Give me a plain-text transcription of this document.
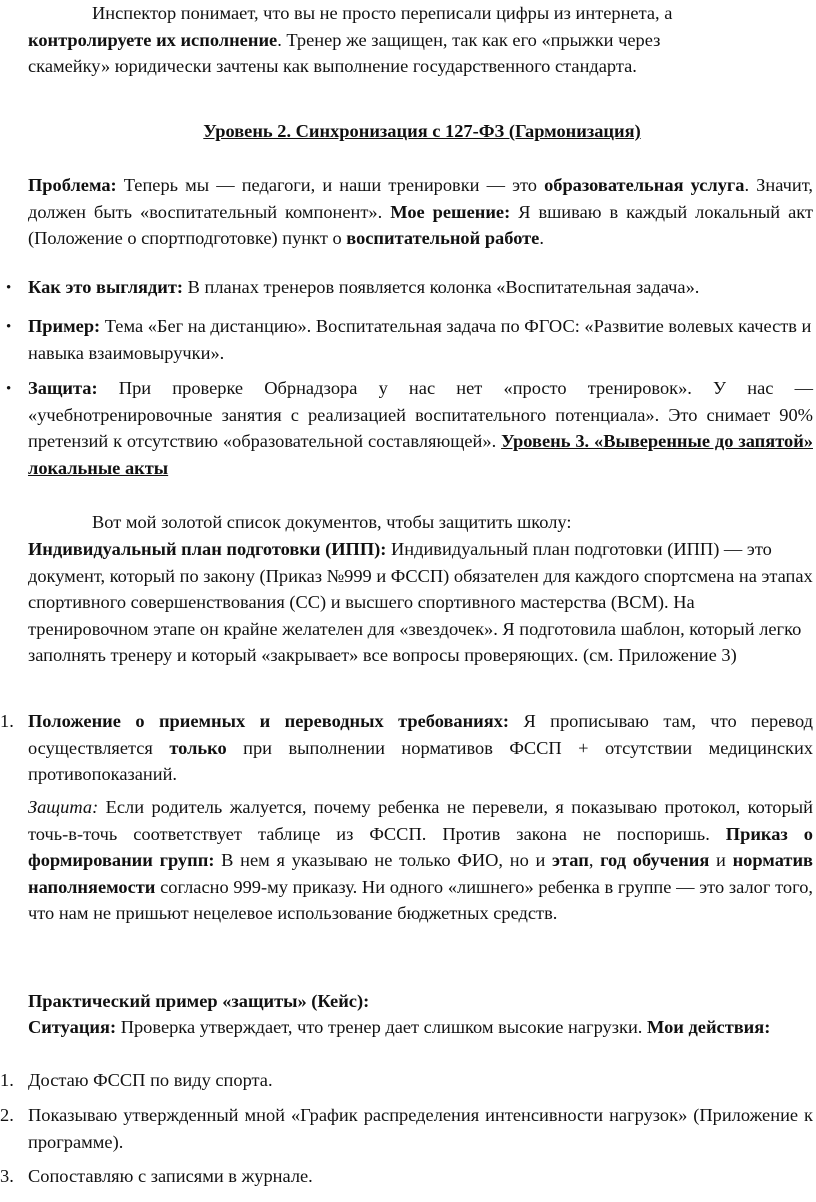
Инспектор понимает, что вы не просто переписали цифры из интернета, а контролируете их исполнение. Тренер же защищен, так как его «прыжки через скамейку» юридически зачтены как выполнение государственного стандарта.

Уровень 2. Синхронизация с 127-ФЗ (Гармонизация)

Проблема: Теперь мы — педагоги, и наши тренировки — это образовательная услуга. Значит, должен быть «воспитательный компонент». Мое решение: Я вшиваю в каждый локальный акт (Положение о спортподготовке) пункт о воспитательной работе.

• Как это выглядит: В планах тренеров появляется колонка «Воспитательная задача».

• Пример: Тема «Бег на дистанцию». Воспитательная задача по ФГОС: «Развитие волевых качеств и навыка взаимовыручки».

• Защита: При проверке Обрнадзора у нас нет «просто тренировок». У нас — «учебнотренировочные занятия с реализацией воспитательного потенциала». Это снимает 90% претензий к отсутствию «образовательной составляющей». Уровень 3. «Выверенные до запятой» локальные акты

Вот мой золотой список документов, чтобы защитить школу:

Индивидуальный план подготовки (ИПП): Индивидуальный план подготовки (ИПП) — это документ, который по закону (Приказ №999 и ФССП) обязателен для каждого спортсмена на этапах спортивного совершенствования (СС) и высшего спортивного мастерства (ВСМ). На тренировочном этапе он крайне желателен для «звездочек». Я подготовила шаблон, который легко заполнять тренеру и который «закрывает» все вопросы проверяющих. (см. Приложение 3)

1. Положение о приемных и переводных требованиях: Я прописываю там, что перевод осуществляется только при выполнении нормативов ФССП + отсутствии медицинских противопоказаний.

Защита: Если родитель жалуется, почему ребенка не перевели, я показываю протокол, который точь-в-точь соответствует таблице из ФССП. Против закона не поспоришь. Приказ о формировании групп: В нем я указываю не только ФИО, но и этап, год обучения и норматив наполняемости согласно 999-му приказу. Ни одного «лишнего» ребенка в группе — это залог того, что нам не пришьют нецелевое использование бюджетных средств.

Практический пример «защиты» (Кейс):

Ситуация: Проверка утверждает, что тренер дает слишком высокие нагрузки. Мои действия:

1. Достаю ФССП по виду спорта.

2. Показываю утвержденный мной «График распределения интенсивности нагрузок» (Приложение к программе).

3. Сопоставляю с записями в журнале.
